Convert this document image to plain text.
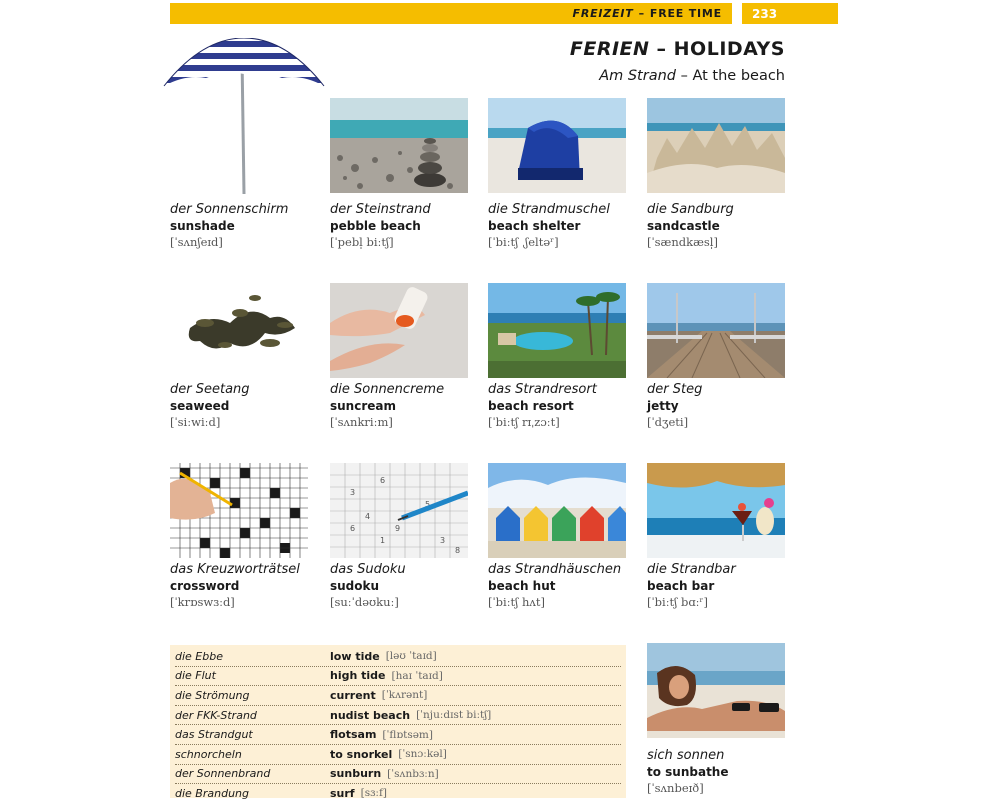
FREIZEIT – FREE TIME	233
FERIEN – HOLIDAYS
Am Strand – At the beach
der Sonnenschirm
sunshade
[ˈsʌnʃeɪd]
der Steinstrand
pebble beach
[ˈpebl̩ biːtʃ]
die Strandmuschel
beach shelter
[ˈbiːtʃ ˌʃeltəʳ]
die Sandburg
sandcastle
[ˈsændkæsl̩]
der Seetang
seaweed
[ˈsiːwiːd]
die Sonnencreme
suncream
[ˈsʌnkriːm]
das Strandresort
beach resort
[ˈbiːtʃ rɪˌzɔːt]
der Steg
jetty
[ˈdʒeti]
das Kreuzworträtsel
crossword
[ˈkrɒswɜːd]
3
6
4
6	9
1	3
8
5
das Sudoku
sudoku
[suːˈdəʊkuː]
das Strandhäuschen
beach hut
[ˈbiːtʃ hʌt]
die Strandbar
beach bar
[ˈbiːtʃ bɑːʳ]
die Ebbe	low tide [ləʊ ˈtaɪd]
die Flut	high tide [haɪ ˈtaɪd]
die Strömung	current [ˈkʌrənt]
der FKK-Strand	nudist beach [ˈnjuːdɪst biːtʃ]
das Strandgut	flotsam [ˈflɒtsəm]
schnorcheln	to snorkel [ˈsnɔːkəl]
der Sonnenbrand	sunburn [ˈsʌnbɜːn]
die Brandung	surf [sɜːf]
sich sonnen
to sunbathe
[ˈsʌnbeɪð]
